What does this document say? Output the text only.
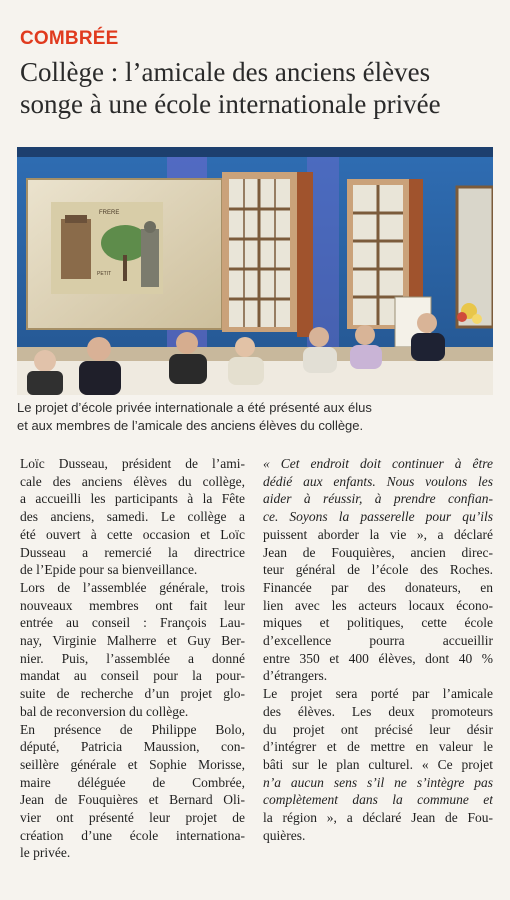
COMBRÉE
Collège : l’amicale des anciens élèves
songe à une école internationale privée
FRERE
PETIT
Le projet d’école privée internationale a été présenté aux élus
et aux membres de l’amicale des anciens élèves du collège.
Loïc Dusseau, président de l’ami-
cale des anciens élèves du collège,
a accueilli les participants à la Fête
des anciens, samedi. Le collège a
été ouvert à cette occasion et Loïc
Dusseau a remercié la directrice
de l’Epide pour sa bienveillance.
Lors de l’assemblée générale, trois
nouveaux membres ont fait leur
entrée au conseil : François Lau-
nay, Virginie Malherre et Guy Ber-
nier. Puis, l’assemblée a donné
mandat au conseil pour la pour-
suite de recherche d’un projet glo-
bal de reconversion du collège.
En présence de Philippe Bolo,
député, Patricia Maussion, con-
seillère générale et Sophie Morisse,
maire déléguée de Combrée,
Jean de Fouquières et Bernard Oli-
vier ont présenté leur projet de
création d’une école internationa-
le privée.
« Cet endroit doit continuer à être
dédié aux enfants. Nous voulons les
aider à réussir, à prendre confian-
ce. Soyons la passerelle pour qu’ils
puissent aborder la vie », a déclaré
Jean de Fouquières, ancien direc-
teur général de l’école des Roches.
Financée par des donateurs, en
lien avec les acteurs locaux écono-
miques et politiques, cette école
d’excellence pourra accueillir
entre 350 et 400 élèves, dont 40 %
d’étrangers.
Le projet sera porté par l’amicale
des élèves. Les deux promoteurs
du projet ont précisé leur désir
d’intégrer et de mettre en valeur le
bâti sur le plan culturel. « Ce projet
n’a aucun sens s’il ne s’intègre pas
complètement dans la commune et
la région », a déclaré Jean de Fou-
quières.
